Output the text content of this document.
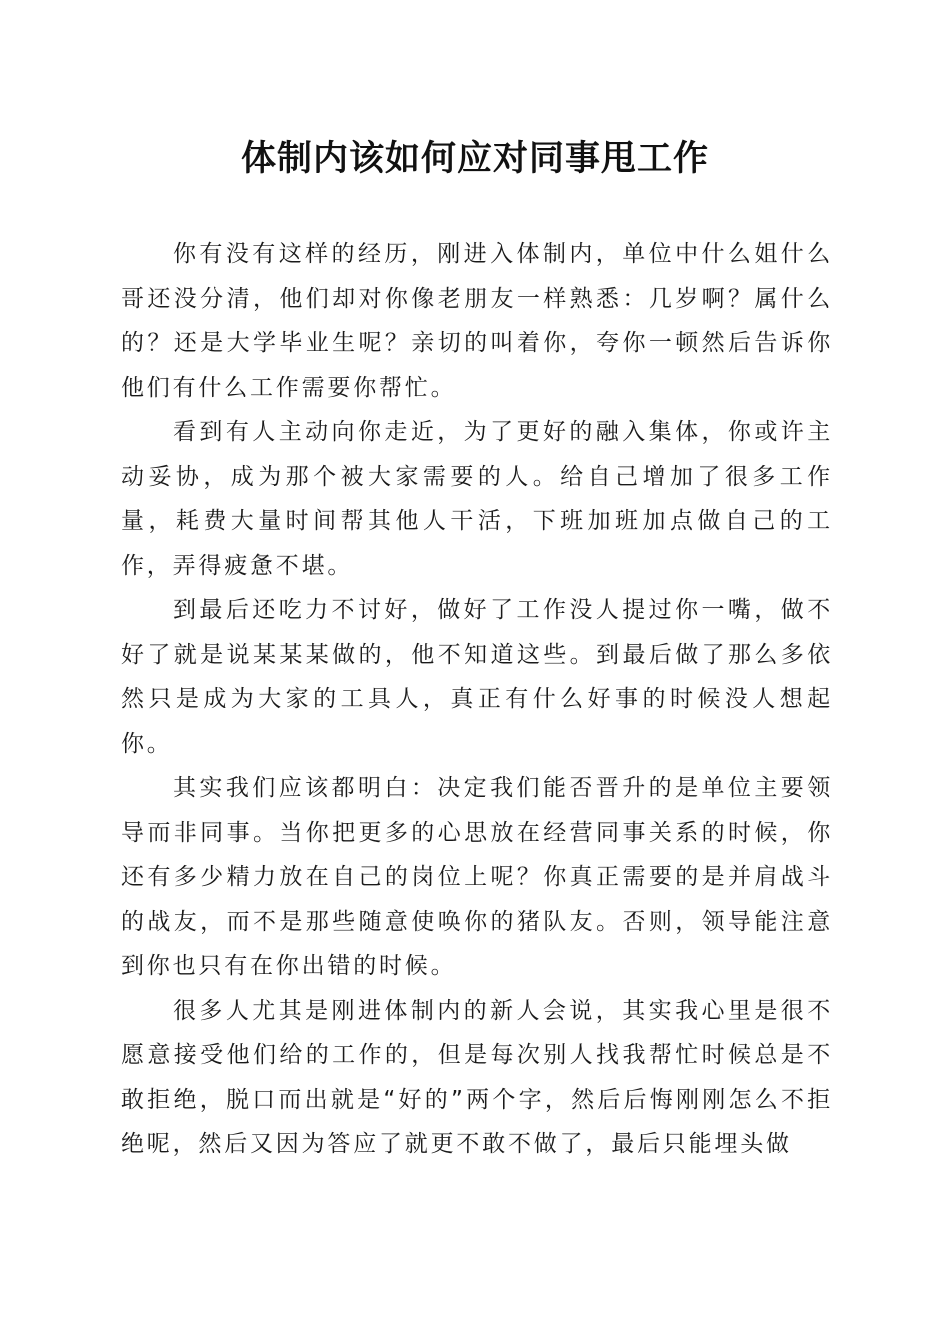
体制内该如何应对同事甩工作

你有没有这样的经历，刚进入体制内，单位中什么姐什么哥还没分清，他们却对你像老朋友一样熟悉：几岁啊？属什么的？还是大学毕业生呢？亲切的叫着你，夸你一顿然后告诉你他们有什么工作需要你帮忙。

看到有人主动向你走近，为了更好的融入集体，你或许主动妥协，成为那个被大家需要的人。给自己增加了很多工作量，耗费大量时间帮其他人干活，下班加班加点做自己的工作，弄得疲惫不堪。

到最后还吃力不讨好，做好了工作没人提过你一嘴，做不好了就是说某某某做的，他不知道这些。到最后做了那么多依然只是成为大家的工具人，真正有什么好事的时候没人想起你。

其实我们应该都明白：决定我们能否晋升的是单位主要领导而非同事。当你把更多的心思放在经营同事关系的时候，你还有多少精力放在自己的岗位上呢？你真正需要的是并肩战斗的战友，而不是那些随意使唤你的猪队友。否则，领导能注意到你也只有在你出错的时候。

很多人尤其是刚进体制内的新人会说，其实我心里是很不愿意接受他们给的工作的，但是每次别人找我帮忙时候总是不敢拒绝，脱口而出就是“好的”两个字，然后后悔刚刚怎么不拒绝呢，然后又因为答应了就更不敢不做了，最后只能埋头做
